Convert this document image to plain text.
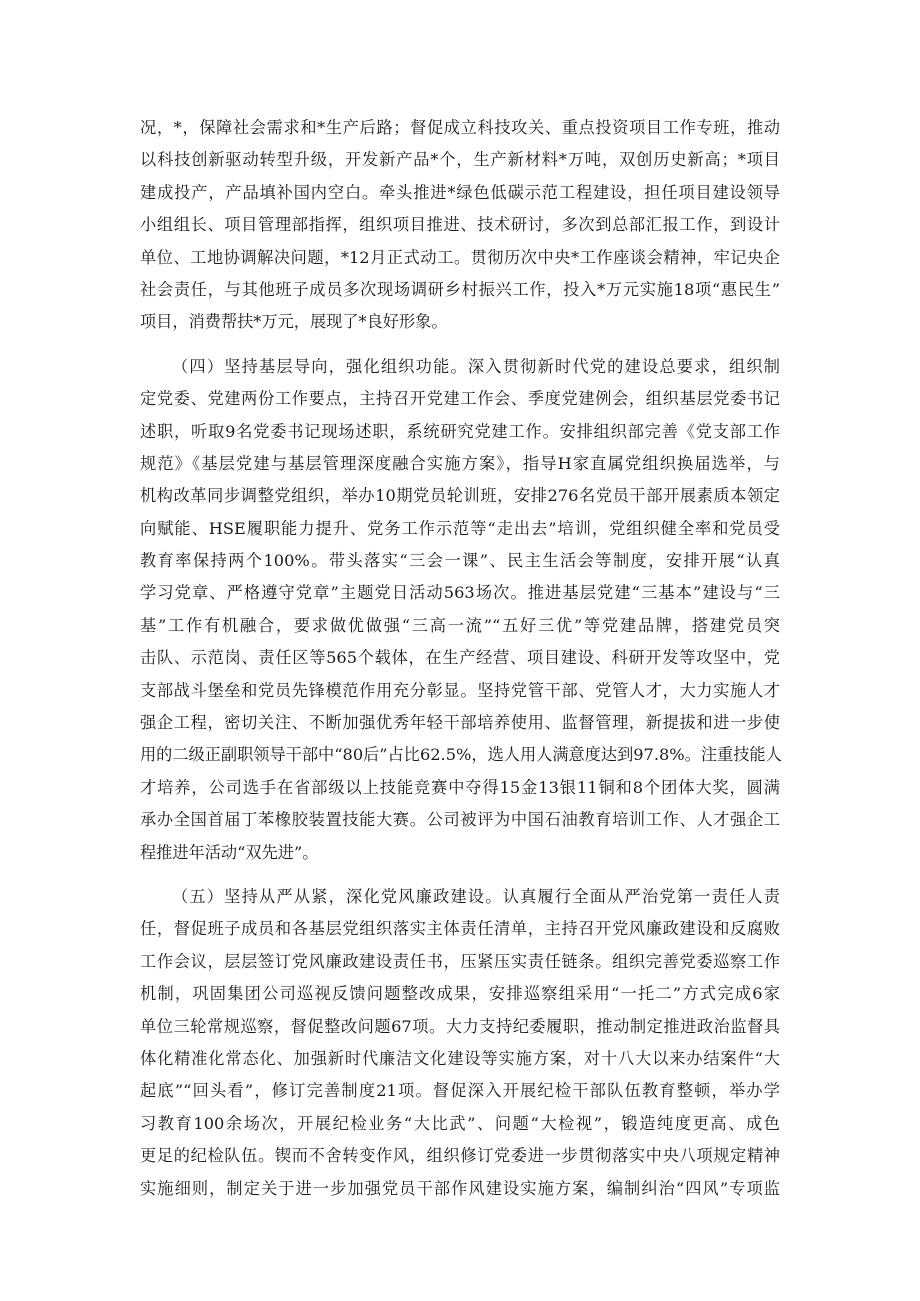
况，*，保障社会需求和*生产后路；督促成立科技攻关、重点投资项目工作专班，推动
以科技创新驱动转型升级，开发新产品*个，生产新材料*万吨，双创历史新高；*项目
建成投产，产品填补国内空白。牵头推进*绿色低碳示范工程建设，担任项目建设领导
小组组长、项目管理部指挥，组织项目推进、技术研讨，多次到总部汇报工作，到设计
单位、工地协调解决问题，*12月正式动工。贯彻历次中央*工作座谈会精神，牢记央企
社会责任，与其他班子成员多次现场调研乡村振兴工作，投入*万元实施18项“惠民生”
项目，消费帮扶*万元，展现了*良好形象。
（四）坚持基层导向，强化组织功能。深入贯彻新时代党的建设总要求，组织制
定党委、党建两份工作要点，主持召开党建工作会、季度党建例会，组织基层党委书记
述职，听取9名党委书记现场述职，系统研究党建工作。安排组织部完善《党支部工作
规范》《基层党建与基层管理深度融合实施方案》，指导H家直属党组织换届选举，与
机构改革同步调整党组织，举办10期党员轮训班，安排276名党员干部开展素质本领定
向赋能、HSE履职能力提升、党务工作示范等“走出去”培训，党组织健全率和党员受
教育率保持两个100%。带头落实“三会一课”、民主生活会等制度，安排开展“认真
学习党章、严格遵守党章”主题党日活动563场次。推进基层党建“三基本”建设与“三
基”工作有机融合，要求做优做强“三高一流”“五好三优”等党建品牌，搭建党员突
击队、示范岗、责任区等565个载体，在生产经营、项目建设、科研开发等攻坚中，党
支部战斗堡垒和党员先锋模范作用充分彰显。坚持党管干部、党管人才，大力实施人才
强企工程，密切关注、不断加强优秀年轻干部培养使用、监督管理，新提拔和进一步使
用的二级正副职领导干部中“80后”占比62.5%，选人用人满意度达到97.8%。注重技能人
才培养，公司选手在省部级以上技能竞赛中夺得15金13银11铜和8个团体大奖，圆满
承办全国首届丁苯橡胶装置技能大赛。公司被评为中国石油教育培训工作、人才强企工
程推进年活动“双先进”。
（五）坚持从严从紧，深化党风廉政建设。认真履行全面从严治党第一责任人责
任，督促班子成员和各基层党组织落实主体责任清单，主持召开党风廉政建设和反腐败
工作会议，层层签订党风廉政建设责任书，压紧压实责任链条。组织完善党委巡察工作
机制，巩固集团公司巡视反馈问题整改成果，安排巡察组采用“一托二”方式完成6家
单位三轮常规巡察，督促整改问题67项。大力支持纪委履职，推动制定推进政治监督具
体化精准化常态化、加强新时代廉洁文化建设等实施方案，对十八大以来办结案件“大
起底”“回头看”，修订完善制度21项。督促深入开展纪检干部队伍教育整顿，举办学
习教育100余场次，开展纪检业务“大比武”、问题“大检视”，锻造纯度更高、成色
更足的纪检队伍。锲而不舍转变作风，组织修订党委进一步贯彻落实中央八项规定精神
实施细则，制定关于进一步加强党员干部作风建设实施方案，编制纠治“四风”专项监
